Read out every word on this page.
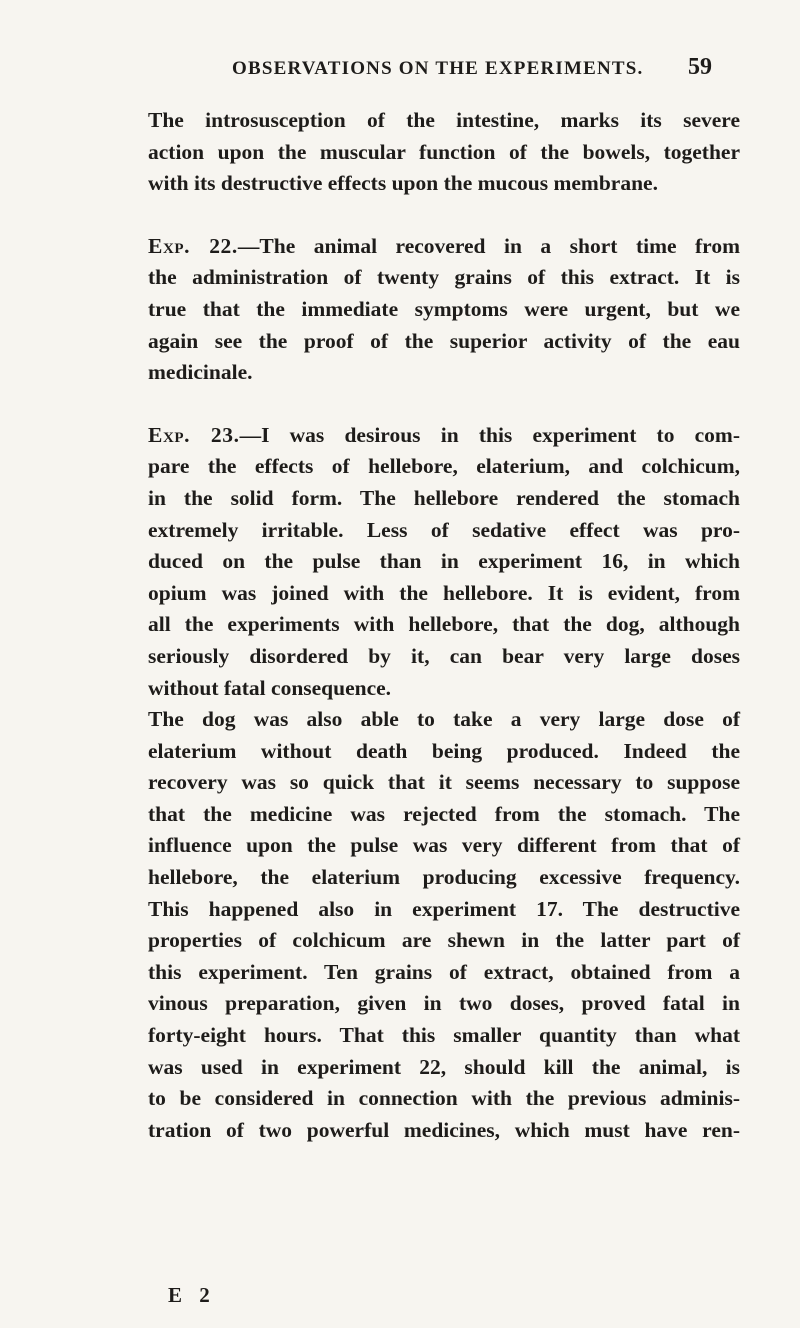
OBSERVATIONS ON THE EXPERIMENTS.	59

The introsusception of the intestine, marks its severe
action upon the muscular function of the bowels, together
with its destructive effects upon the mucous membrane.

Exp. 22.—The animal recovered in a short time from
the administration of twenty grains of this extract. It is
true that the immediate symptoms were urgent, but we
again see the proof of the superior activity of the eau
medicinale.

Exp. 23.—I was desirous in this experiment to com-
pare the effects of hellebore, elaterium, and colchicum,
in the solid form. The hellebore rendered the stomach
extremely irritable. Less of sedative effect was pro-
duced on the pulse than in experiment 16, in which
opium was joined with the hellebore. It is evident, from
all the experiments with hellebore, that the dog, although
seriously disordered by it, can bear very large doses
without fatal consequence.

The dog was also able to take a very large dose of
elaterium without death being produced. Indeed the
recovery was so quick that it seems necessary to suppose
that the medicine was rejected from the stomach. The
influence upon the pulse was very different from that of
hellebore, the elaterium producing excessive frequency.
This happened also in experiment 17. The destructive
properties of colchicum are shewn in the latter part of
this experiment. Ten grains of extract, obtained from a
vinous preparation, given in two doses, proved fatal in
forty-eight hours. That this smaller quantity than what
was used in experiment 22, should kill the animal, is
to be considered in connection with the previous adminis-
tration of two powerful medicines, which must have ren-

E 2
